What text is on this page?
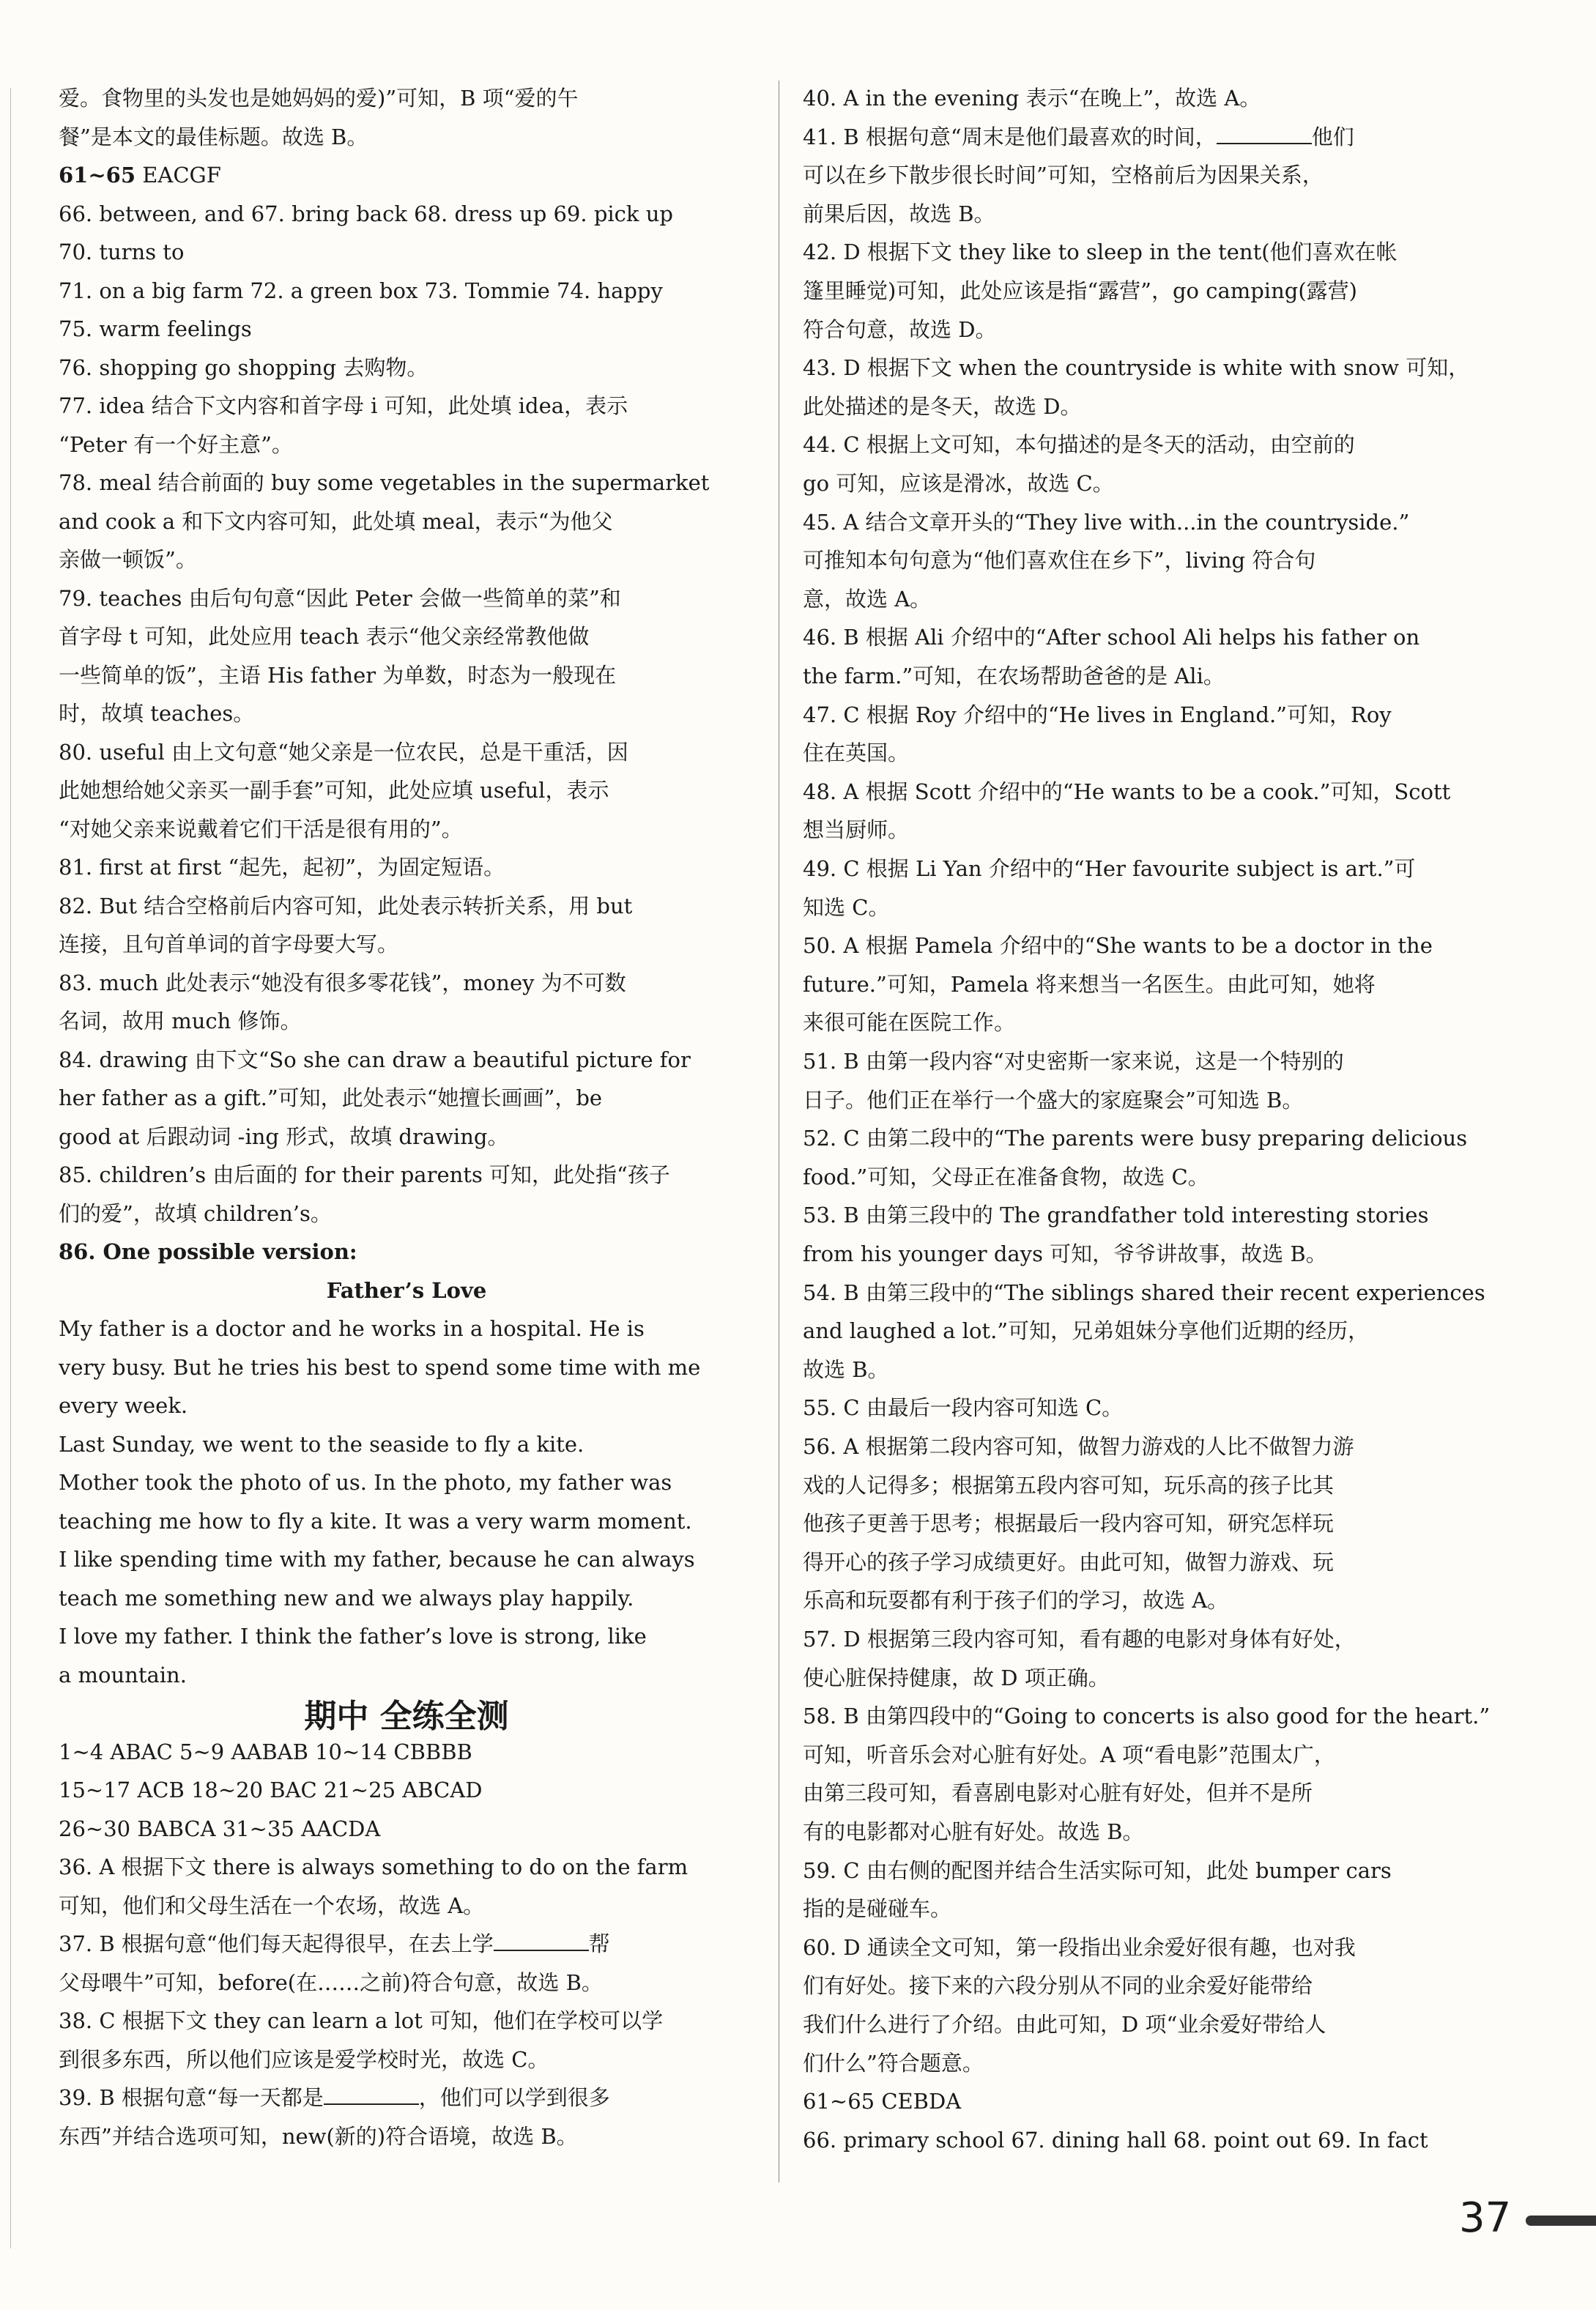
爱。食物里的头发也是她妈妈的爱)”可知，B 项“爱的午
餐”是本文的最佳标题。故选 B。
61~65 EACGF
66. between, and 67. bring back 68. dress up 69. pick up
70. turns to
71. on a big farm 72. a green box 73. Tommie 74. happy
75. warm feelings
76. shopping go shopping 去购物。
77. idea 结合下文内容和首字母 i 可知，此处填 idea，表示
“Peter 有一个好主意”。
78. meal 结合前面的 buy some vegetables in the supermarket
and cook a 和下文内容可知，此处填 meal，表示“为他父
亲做一顿饭”。
79. teaches 由后句句意“因此 Peter 会做一些简单的菜”和
首字母 t 可知，此处应用 teach 表示“他父亲经常教他做
一些简单的饭”，主语 His father 为单数，时态为一般现在
时，故填 teaches。
80. useful 由上文句意“她父亲是一位农民，总是干重活，因
此她想给她父亲买一副手套”可知，此处应填 useful，表示
“对她父亲来说戴着它们干活是很有用的”。
81. first at first “起先，起初”，为固定短语。
82. But 结合空格前后内容可知，此处表示转折关系，用 but
连接，且句首单词的首字母要大写。
83. much 此处表示“她没有很多零花钱”，money 为不可数
名词，故用 much 修饰。
84. drawing 由下文“So she can draw a beautiful picture for
her father as a gift.”可知，此处表示“她擅长画画”，be
good at 后跟动词 -ing 形式，故填 drawing。
85. children’s 由后面的 for their parents 可知，此处指“孩子
们的爱”，故填 children’s。
86. One possible version:
Father’s Love
My father is a doctor and he works in a hospital. He is
very busy. But he tries his best to spend some time with me
every week.
Last Sunday, we went to the seaside to fly a kite.
Mother took the photo of us. In the photo, my father was
teaching me how to fly a kite. It was a very warm moment.
I like spending time with my father, because he can always
teach me something new and we always play happily.
I love my father. I think the father’s love is strong, like
a mountain.
期中 全练全测
1~4 ABAC 5~9 AABAB 10~14 CBBBB
15~17 ACB 18~20 BAC 21~25 ABCAD
26~30 BABCA 31~35 AACDA
36. A 根据下文 there is always something to do on the farm
可知，他们和父母生活在一个农场，故选 A。
37. B 根据句意“他们每天起得很早，在去上学	帮
父母喂牛”可知，before(在……之前)符合句意，故选 B。
38. C 根据下文 they can learn a lot 可知，他们在学校可以学
到很多东西，所以他们应该是爱学校时光，故选 C。
39. B 根据句意“每一天都是	，他们可以学到很多
东西”并结合选项可知，new(新的)符合语境，故选 B。
40. A in the evening 表示“在晚上”，故选 A。
41. B 根据句意“周末是他们最喜欢的时间，	他们
可以在乡下散步很长时间”可知，空格前后为因果关系，
前果后因，故选 B。
42. D 根据下文 they like to sleep in the tent(他们喜欢在帐
篷里睡觉)可知，此处应该是指“露营”，go camping(露营)
符合句意，故选 D。
43. D 根据下文 when the countryside is white with snow 可知，
此处描述的是冬天，故选 D。
44. C 根据上文可知，本句描述的是冬天的活动，由空前的
go 可知，应该是滑冰，故选 C。
45. A 结合文章开头的“They live with...in the countryside.”
可推知本句句意为“他们喜欢住在乡下”，living 符合句
意，故选 A。
46. B 根据 Ali 介绍中的“After school Ali helps his father on
the farm.”可知，在农场帮助爸爸的是 Ali。
47. C 根据 Roy 介绍中的“He lives in England.”可知，Roy
住在英国。
48. A 根据 Scott 介绍中的“He wants to be a cook.”可知，Scott
想当厨师。
49. C 根据 Li Yan 介绍中的“Her favourite subject is art.”可
知选 C。
50. A 根据 Pamela 介绍中的“She wants to be a doctor in the
future.”可知，Pamela 将来想当一名医生。由此可知，她将
来很可能在医院工作。
51. B 由第一段内容“对史密斯一家来说，这是一个特别的
日子。他们正在举行一个盛大的家庭聚会”可知选 B。
52. C 由第二段中的“The parents were busy preparing delicious
food.”可知，父母正在准备食物，故选 C。
53. B 由第三段中的 The grandfather told interesting stories
from his younger days 可知，爷爷讲故事，故选 B。
54. B 由第三段中的“The siblings shared their recent experiences
and laughed a lot.”可知，兄弟姐妹分享他们近期的经历，
故选 B。
55. C 由最后一段内容可知选 C。
56. A 根据第二段内容可知，做智力游戏的人比不做智力游
戏的人记得多；根据第五段内容可知，玩乐高的孩子比其
他孩子更善于思考；根据最后一段内容可知，研究怎样玩
得开心的孩子学习成绩更好。由此可知，做智力游戏、玩
乐高和玩耍都有利于孩子们的学习，故选 A。
57. D 根据第三段内容可知，看有趣的电影对身体有好处，
使心脏保持健康，故 D 项正确。
58. B 由第四段中的“Going to concerts is also good for the heart.”
可知，听音乐会对心脏有好处。A 项“看电影”范围太广，
由第三段可知，看喜剧电影对心脏有好处，但并不是所
有的电影都对心脏有好处。故选 B。
59. C 由右侧的配图并结合生活实际可知，此处 bumper cars
指的是碰碰车。
60. D 通读全文可知，第一段指出业余爱好很有趣，也对我
们有好处。接下来的六段分别从不同的业余爱好能带给
我们什么进行了介绍。由此可知，D 项“业余爱好带给人
们什么”符合题意。
61~65 CEBDA
66. primary school 67. dining hall 68. point out 69. In fact
37
